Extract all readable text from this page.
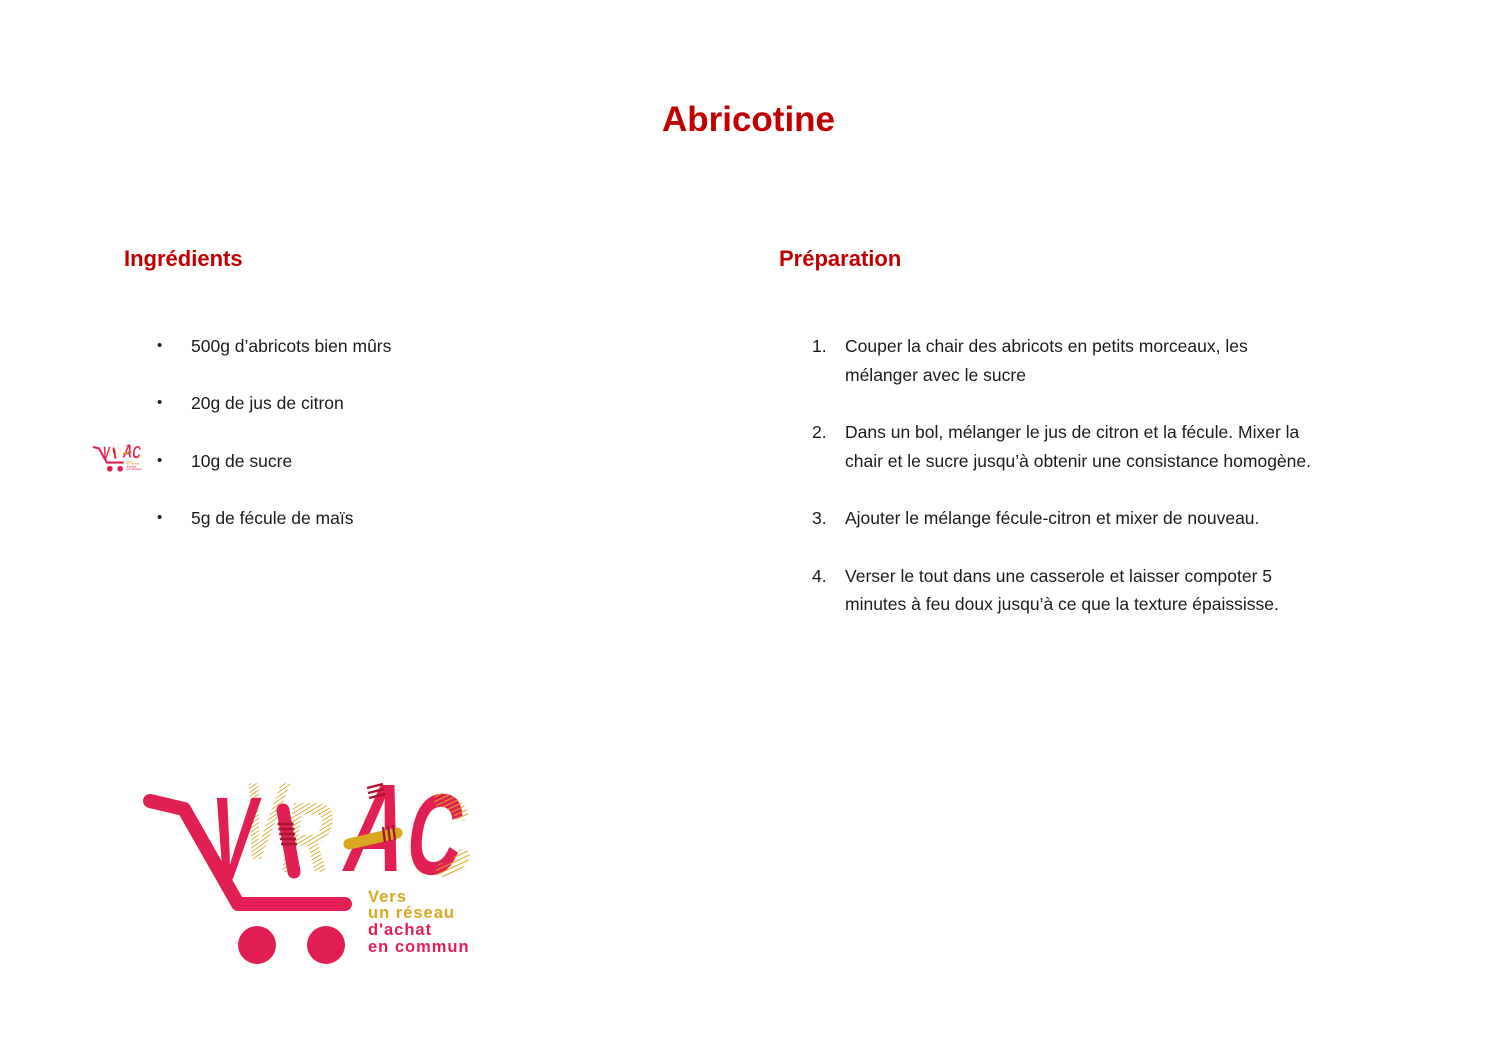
Abricotine
Ingrédients
•	500g d’abricots bien mûrs
•	20g de jus de citron
•	10g de sucre
•	5g de fécule de maïs
Préparation
1.	Couper la chair des abricots en petits morceaux, les
mélanger avec le sucre
2.	Dans un bol, mélanger le jus de citron et la fécule. Mixer la
chair et le sucre jusqu’à obtenir une consistance homogène.
3.	Ajouter le mélange fécule-citron et mixer de nouveau.
4.	Verser le tout dans une casserole et laisser compoter 5
minutes à feu doux jusqu’à ce que la texture épaississe.
